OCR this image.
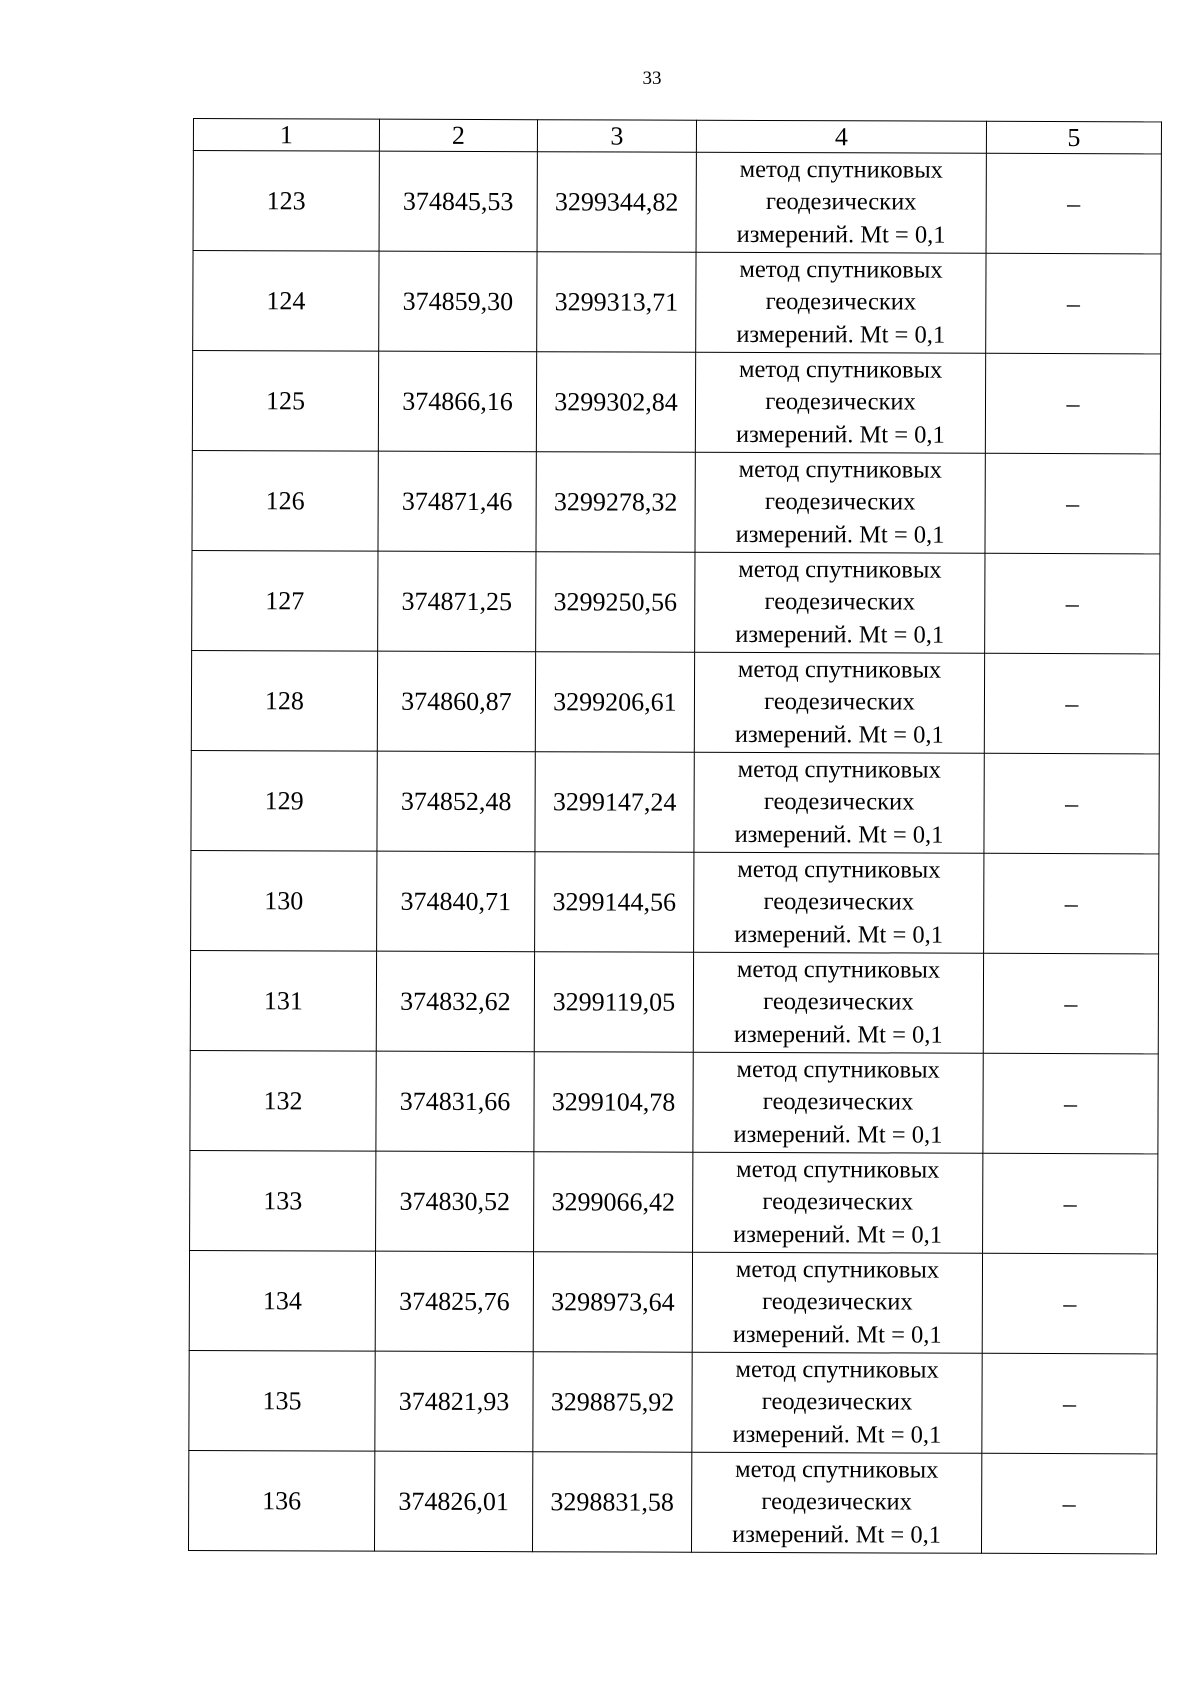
33
1	2	3	4	5
123	374845,53	3299344,82	метод спутниковых
геодезических
измерений. Mt = 0,1	–
124	374859,30	3299313,71	метод спутниковых
геодезических
измерений. Mt = 0,1	–
125	374866,16	3299302,84	метод спутниковых
геодезических
измерений. Mt = 0,1	–
126	374871,46	3299278,32	метод спутниковых
геодезических
измерений. Mt = 0,1	–
127	374871,25	3299250,56	метод спутниковых
геодезических
измерений. Mt = 0,1	–
128	374860,87	3299206,61	метод спутниковых
геодезических
измерений. Mt = 0,1	–
129	374852,48	3299147,24	метод спутниковых
геодезических
измерений. Mt = 0,1	–
130	374840,71	3299144,56	метод спутниковых
геодезических
измерений. Mt = 0,1	–
131	374832,62	3299119,05	метод спутниковых
геодезических
измерений. Mt = 0,1	–
132	374831,66	3299104,78	метод спутниковых
геодезических
измерений. Mt = 0,1	–
133	374830,52	3299066,42	метод спутниковых
геодезических
измерений. Mt = 0,1	–
134	374825,76	3298973,64	метод спутниковых
геодезических
измерений. Mt = 0,1	–
135	374821,93	3298875,92	метод спутниковых
геодезических
измерений. Mt = 0,1	–
136	374826,01	3298831,58	метод спутниковых
геодезических
измерений. Mt = 0,1	–
